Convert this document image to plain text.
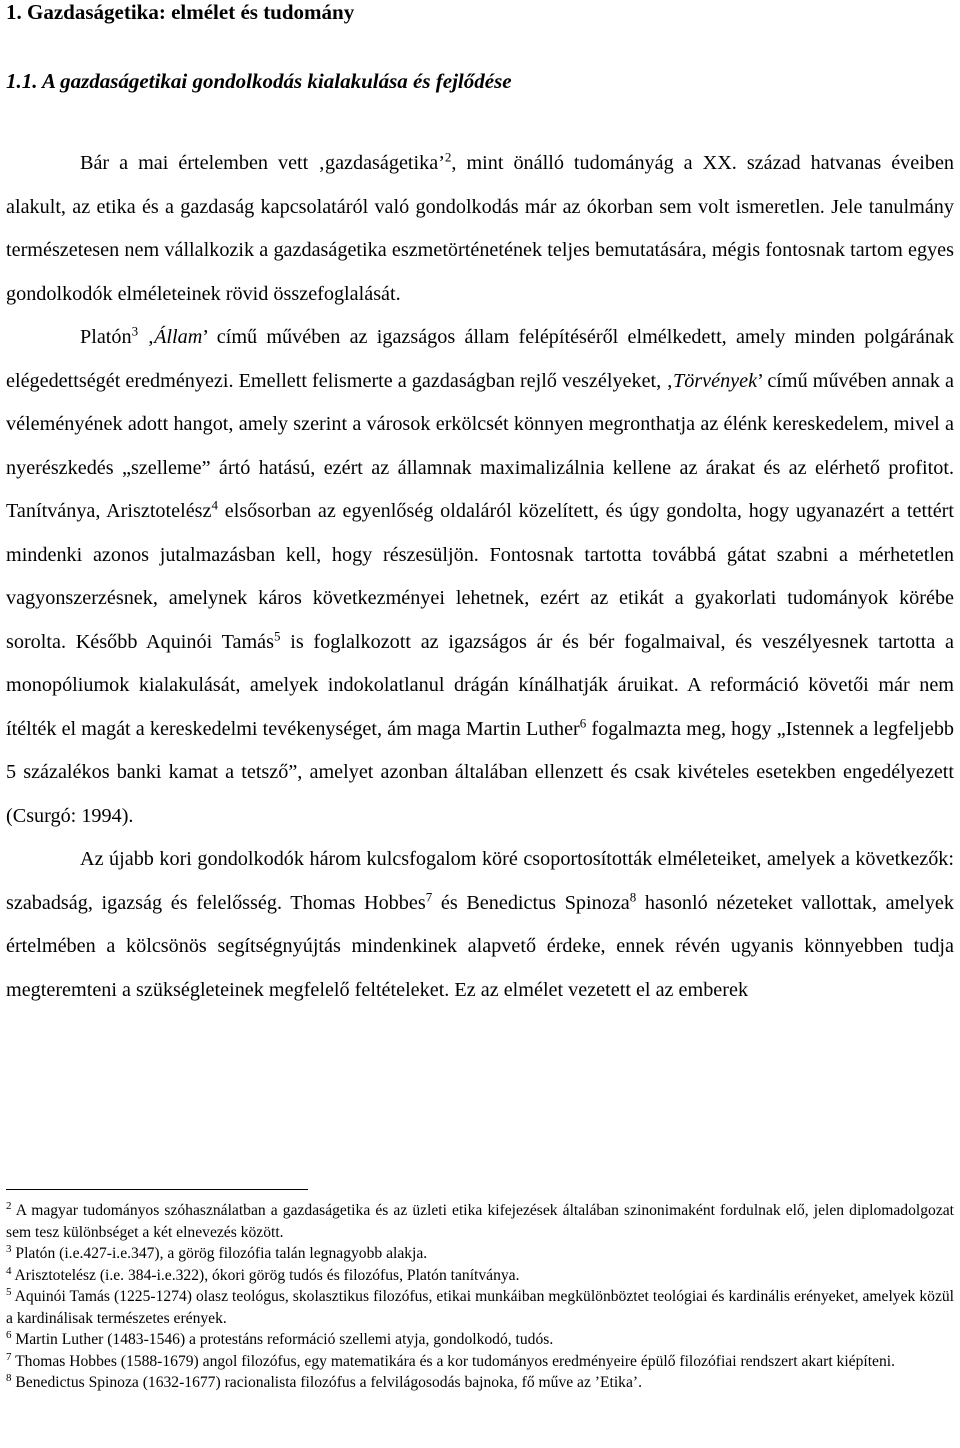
1. Gazdaságetika: elmélet és tudomány
1.1. A gazdaságetikai gondolkodás kialakulása és fejlődése

Bár a mai értelemben vett ‚gazdaságetika’$^2$, mint önálló tudományág a XX. század hatvanas éveiben alakult, az etika és a gazdaság kapcsolatáról való gondolkodás már az ókorban sem volt ismeretlen. Jele tanulmány természetesen nem vállalkozik a gazdaságetika eszmetörténetének teljes bemutatására, mégis fontosnak tartom egyes gondolkodók elméleteinek rövid összefoglalását.

Platón$^3$ ‚Állam’ című művében az igazságos állam felépítéséről elmélkedett, amely minden polgárának elégedettségét eredményezi. Emellett felismerte a gazdaságban rejlő veszélyeket, ‚Törvények’ című művében annak a véleményének adott hangot, amely szerint a városok erkölcsét könnyen megronthatja az élénk kereskedelem, mivel a nyerészkedés „szelleme” ártó hatású, ezért az államnak maximalizálnia kellene az árakat és az elérhető profitot. Tanítványa, Arisztotelész$^4$ elsősorban az egyenlőség oldaláról közelített, és úgy gondolta, hogy ugyanazért a tettért mindenki azonos jutalmazásban kell, hogy részesüljön. Fontosnak tartotta továbbá gátat szabni a mérhetetlen vagyonszerzésnek, amelynek káros következményei lehetnek, ezért az etikát a gyakorlati tudományok körébe sorolta. Később Aquinói Tamás$^5$ is foglalkozott az igazságos ár és bér fogalmaival, és veszélyesnek tartotta a monopóliumok kialakulását, amelyek indokolatlanul drágán kínálhatják áruikat. A reformáció követői már nem ítélték el magát a kereskedelmi tevékenységet, ám maga Martin Luther$^6$ fogalmazta meg, hogy „Istennek a legfeljebb 5 százalékos banki kamat a tetsző”, amelyet azonban általában ellenzett és csak kivételes esetekben engedélyezett (Csurgó: 1994).

Az újabb kori gondolkodók három kulcsfogalom köré csoportosították elméleteiket, amelyek a következők: szabadság, igazság és felelősség. Thomas Hobbes$^7$ és Benedictus Spinoza$^8$ hasonló nézeteket vallottak, amelyek értelmében a kölcsönös segítségnyújtás mindenkinek alapvető érdeke, ennek révén ugyanis könnyebben tudja megteremteni a szükségleteinek megfelelő feltételeket. Ez az elmélet vezetett el az emberek

$^2$ A magyar tudományos szóhasználatban a gazdaságetika és az üzleti etika kifejezések általában szinonimaként fordulnak elő, jelen diplomadolgozat sem tesz különbséget a két elnevezés között.

$^3$ Platón (i.e.427-i.e.347), a görög filozófia talán legnagyobb alakja.

$^4$ Arisztotelész (i.e. 384-i.e.322), ókori görög tudós és filozófus, Platón tanítványa.

$^5$ Aquinói Tamás (1225-1274) olasz teológus, skolasztikus filozófus, etikai munkáiban megkülönböztet teológiai és kardinális erényeket, amelyek közül a kardinálisak természetes erények.

$^6$ Martin Luther (1483-1546) a protestáns reformáció szellemi atyja, gondolkodó, tudós.

$^7$ Thomas Hobbes (1588-1679) angol filozófus, egy matematikára és a kor tudományos eredményeire épülő filozófiai rendszert akart kiépíteni.

$^8$ Benedictus Spinoza (1632-1677) racionalista filozófus a felvilágosodás bajnoka, fő műve az ’Etika’.
